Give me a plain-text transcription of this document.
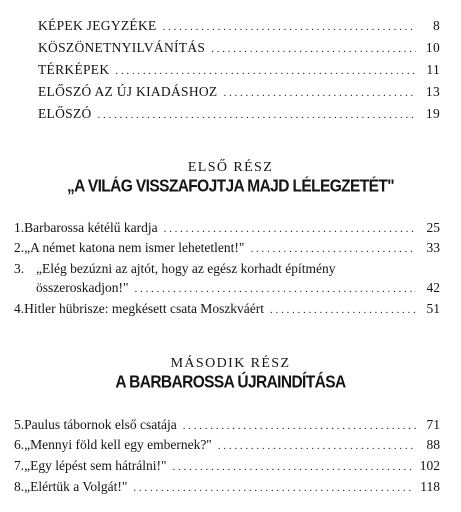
KÉPEK JEGYZÉKE . . .	8
KÖSZÖNETNYILVÁNÍTÁS . . .	10
TÉRKÉPEK . . .	11
ELŐSZÓ AZ ÚJ KIADÁSHOZ . . .	13
ELŐSZÓ . . .	19
ELSŐ RÉSZ
„A VILÁG VISSZAFOJTJA MAJD LÉLEGZETÉT"
1. Barbarossa kétélű kardja . . .	25
2. „A német katona nem ismer lehetetlent!" . . .	33
3. „Elég bezúzni az ajtót, hogy az egész korhadt építmény
összeroskadjon!" . . .	42
4. Hitler hübrisze: megkésett csata Moszkváért . . .	51
MÁSODIK RÉSZ
A BARBAROSSA ÚJRAINDÍTÁSA
5. Paulus tábornok első csatája . . .	71
6. „Mennyi föld kell egy embernek?" . . .	88
7. „Egy lépést sem hátrálni!" . . .	102
8. „Elértük a Volgát!" . . .	118
